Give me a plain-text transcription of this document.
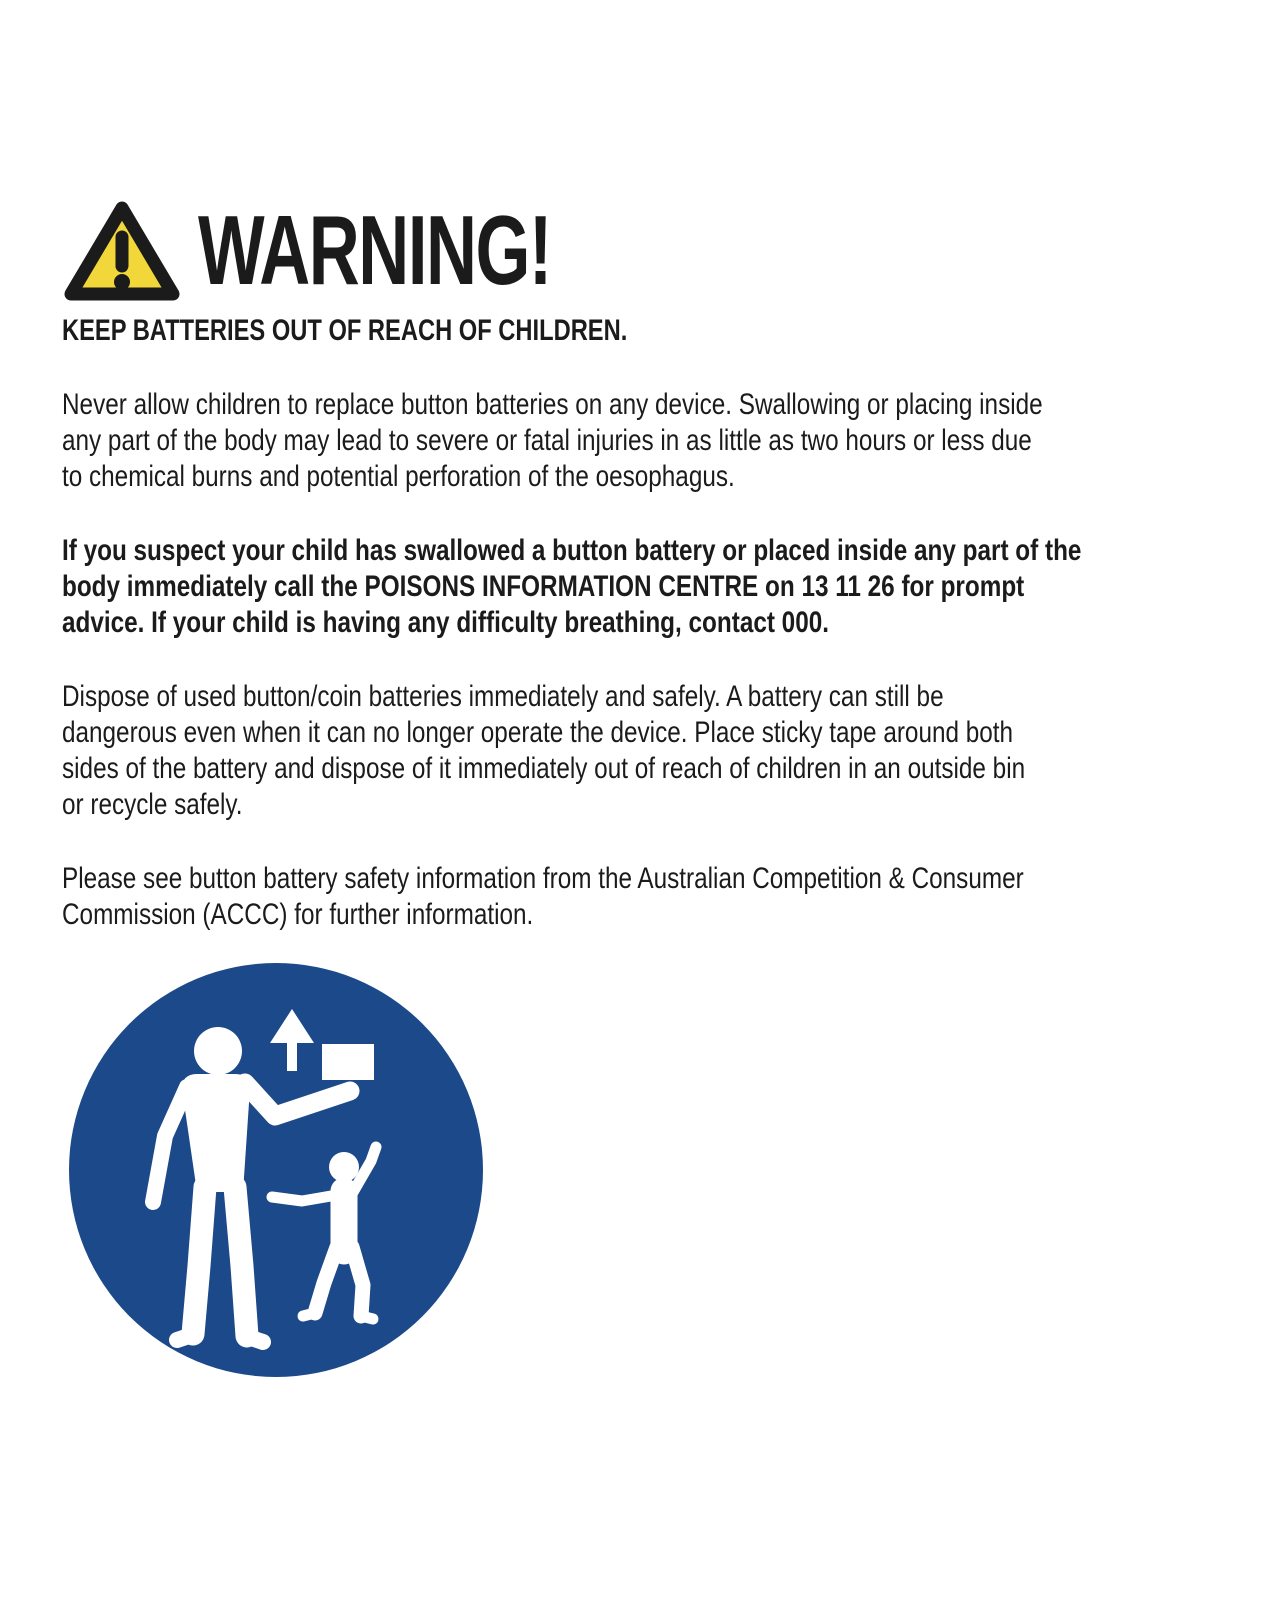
WARNING!
KEEP BATTERIES OUT OF REACH OF CHILDREN.
Never allow children to replace button batteries on any device. Swallowing or placing inside
any part of the body may lead to severe or fatal injuries in as little as two hours or less due
to chemical burns and potential perforation of the oesophagus.
If you suspect your child has swallowed a button battery or placed inside any part of the
body immediately call the POISONS INFORMATION CENTRE on 13 11 26 for prompt
advice. If your child is having any difficulty breathing, contact 000.
Dispose of used button/coin batteries immediately and safely. A battery can still be
dangerous even when it can no longer operate the device. Place sticky tape around both
sides of the battery and dispose of it immediately out of reach of children in an outside bin
or recycle safely.
Please see button battery safety information from the Australian Competition & Consumer
Commission (ACCC) for further information.
